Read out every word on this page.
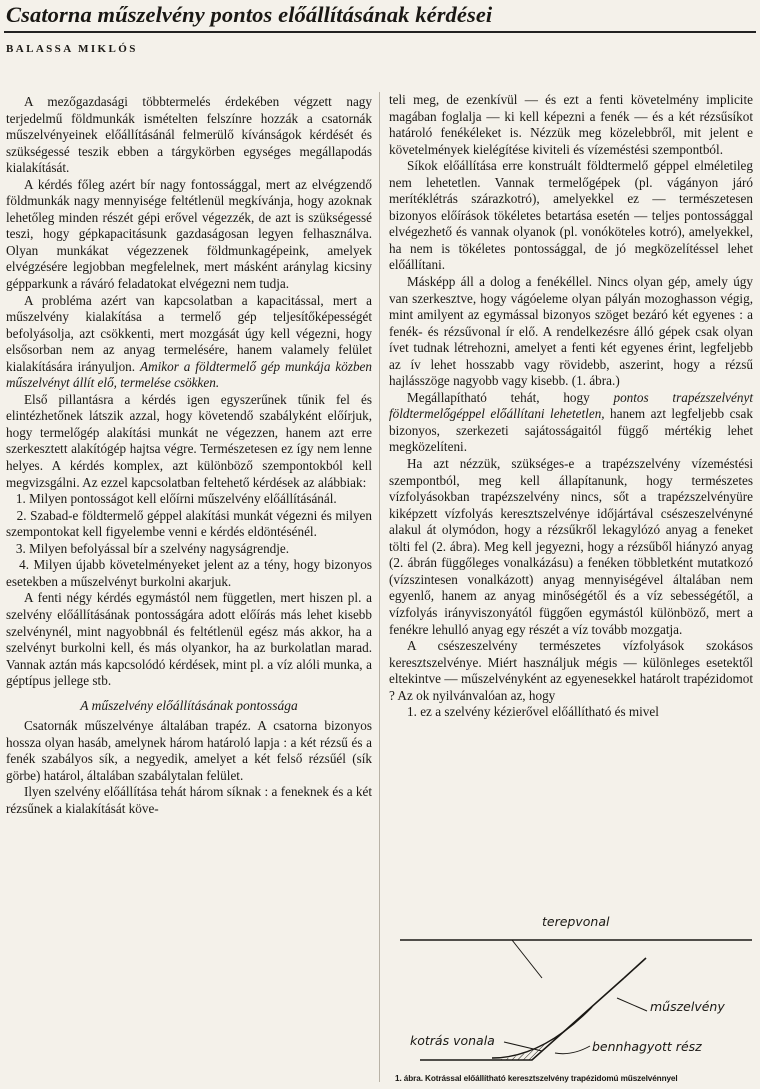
Csatorna műszelvény pontos előállításának kérdései
BALASSA MIKLÓS

A mezőgazdasági többtermelés érdekében végzett nagy terjedelmű földmunkák ismételten felszínre hozzák a csatornák műszelvényeinek előállításánál felmerülő kívánságok kérdését és szükségessé teszik ebben a tárgykörben egységes megállapodás kialakítását.

A kérdés főleg azért bír nagy fontossággal, mert az elvégzendő földmunkák nagy mennyisége feltétlenül megkívánja, hogy azoknak lehetőleg minden részét gépi erővel végezzék, de azt is szükségessé teszi, hogy gépkapacitásunk gazdaságosan legyen felhasználva. Olyan munkákat végezzenek földmunkagépeink, amelyek elvégzésére legjobban megfelelnek, mert másként aránylag kicsiny gépparkunk a ráváró feladatokat elvégezni nem tudja.

A probléma azért van kapcsolatban a kapacitással, mert a műszelvény kialakítása a termelő gép teljesítőképességét befolyásolja, azt csökkenti, mert mozgását úgy kell végezni, hogy elsősorban nem az anyag termelésére, hanem valamely felület kialakítására irányuljon. Amikor a földtermelő gép munkája közben műszelvényt állít elő, termelése csökken.

Első pillantásra a kérdés igen egyszerűnek tűnik fel és elintézhetőnek látszik azzal, hogy követendő szabályként előírjuk, hogy termelőgép alakítási munkát ne végezzen, hanem azt erre szerkesztett alakítógép hajtsa végre. Természetesen ez így nem lenne helyes. A kérdés komplex, azt különböző szempontokból kell megvizsgálni. Az ezzel kapcsolatban feltehető kérdések az alábbiak:

1. Milyen pontosságot kell előírni műszelvény előállításánál.

2. Szabad-e földtermelő géppel alakítási munkát végezni és milyen szempontokat kell figyelembe venni e kérdés eldöntésénél.

3. Milyen befolyással bír a szelvény nagyságrendje.

4. Milyen újabb követelményeket jelent az a tény, hogy bizonyos esetekben a műszelvényt burkolni akarjuk.

A fenti négy kérdés egymástól nem független, mert hiszen pl. a szelvény előállításának pontosságára adott előírás más lehet kisebb szelvénynél, mint nagyobbnál és feltétlenül egész más akkor, ha a szelvényt burkolni kell, és más olyankor, ha az burkolatlan marad. Vannak aztán más kapcsolódó kérdések, mint pl. a víz alóli munka, a géptípus jellege stb.

A műszelvény előállításának pontossága

Csatornák műszelvénye általában trapéz. A csatorna bizonyos hossza olyan hasáb, amelynek három határoló lapja : a két rézsű és a fenék szabályos sík, a negyedik, amelyet a két felső rézsűél (sík görbe) határol, általában szabálytalan felület.

Ilyen szelvény előállítása tehát három síknak : a feneknek és a két rézsűnek a kialakítását köve-

teli meg, de ezenkívül — és ezt a fenti követelmény implicite magában foglalja — ki kell képezni a fenék — és a két rézsűsíkot határoló fenékéleket is. Nézzük meg közelebbről, mit jelent e követelmények kielégítése kiviteli és vízeméstési szempontból.

Síkok előállítása erre konstruált földtermelő géppel elméletileg nem lehetetlen. Vannak termelőgépek (pl. vágányon járó merítéklétrás szárazkotró), amelyekkel ez — természetesen bizonyos előírások tökéletes betartása esetén — teljes pontossággal elvégezhető és vannak olyanok (pl. vonóköteles kotró), amelyekkel, ha nem is tökéletes pontossággal, de jó megközelítéssel lehet előállítani.

Másképp áll a dolog a fenékéllel. Nincs olyan gép, amely úgy van szerkesztve, hogy vágóeleme olyan pályán mozoghasson végig, mint amilyent az egymással bizonyos szöget bezáró két egyenes : a fenék- és rézsűvonal ír elő. A rendelkezésre álló gépek csak olyan ívet tudnak létrehozni, amelyet a fenti két egyenes érint, legfeljebb az ív lehet hosszabb vagy rövidebb, aszerint, hogy a rézsű hajlásszöge nagyobb vagy kisebb. (1. ábra.)

Megállapítható tehát, hogy pontos trapézszelvényt földtermelőgéppel előállítani lehetetlen, hanem azt legfeljebb csak bizonyos, szerkezeti sajátosságaitól függő mértékig lehet megközelíteni.

Ha azt nézzük, szükséges-e a trapézszelvény vízeméstési szempontból, meg kell állapítanunk, hogy természetes vízfolyásokban trapézszelvény nincs, sőt a trapézszelvényüre kiképzett vízfolyás keresztszelvénye időjártával csészeszelvényné alakul át olymódon, hogy a rézsűkről lekagylózó anyag a feneket tölti fel (2. ábra). Meg kell jegyezni, hogy a rézsűből hiányzó anyag (2. ábrán függőleges vonalkázásu) a fenéken többletként mutatkozó (vízszintesen vonalkázott) anyag mennyiségével általában nem egyenlő, hanem az anyag minőségétől és a víz sebességétől, a vízfolyás irányviszonyától függően egymástól különböző, mert a fenékre lehulló anyag egy részét a víz tovább mozgatja.

A csészeszelvény természetes vízfolyások szokásos keresztszelvénye. Miért használjuk mégis — különleges esetektől eltekintve — műszelvényként az egyenesekkel határolt trapézidomot ? Az ok nyilvánvalóan az, hogy

1. ez a szelvény kézierővel előállítható és mivel

terepvonal
műszelvény
kotrás vonala	bennhagyott rész
1. ábra. Kotrással előállítható keresztszelvény trapézidomú műszelvénnyel
